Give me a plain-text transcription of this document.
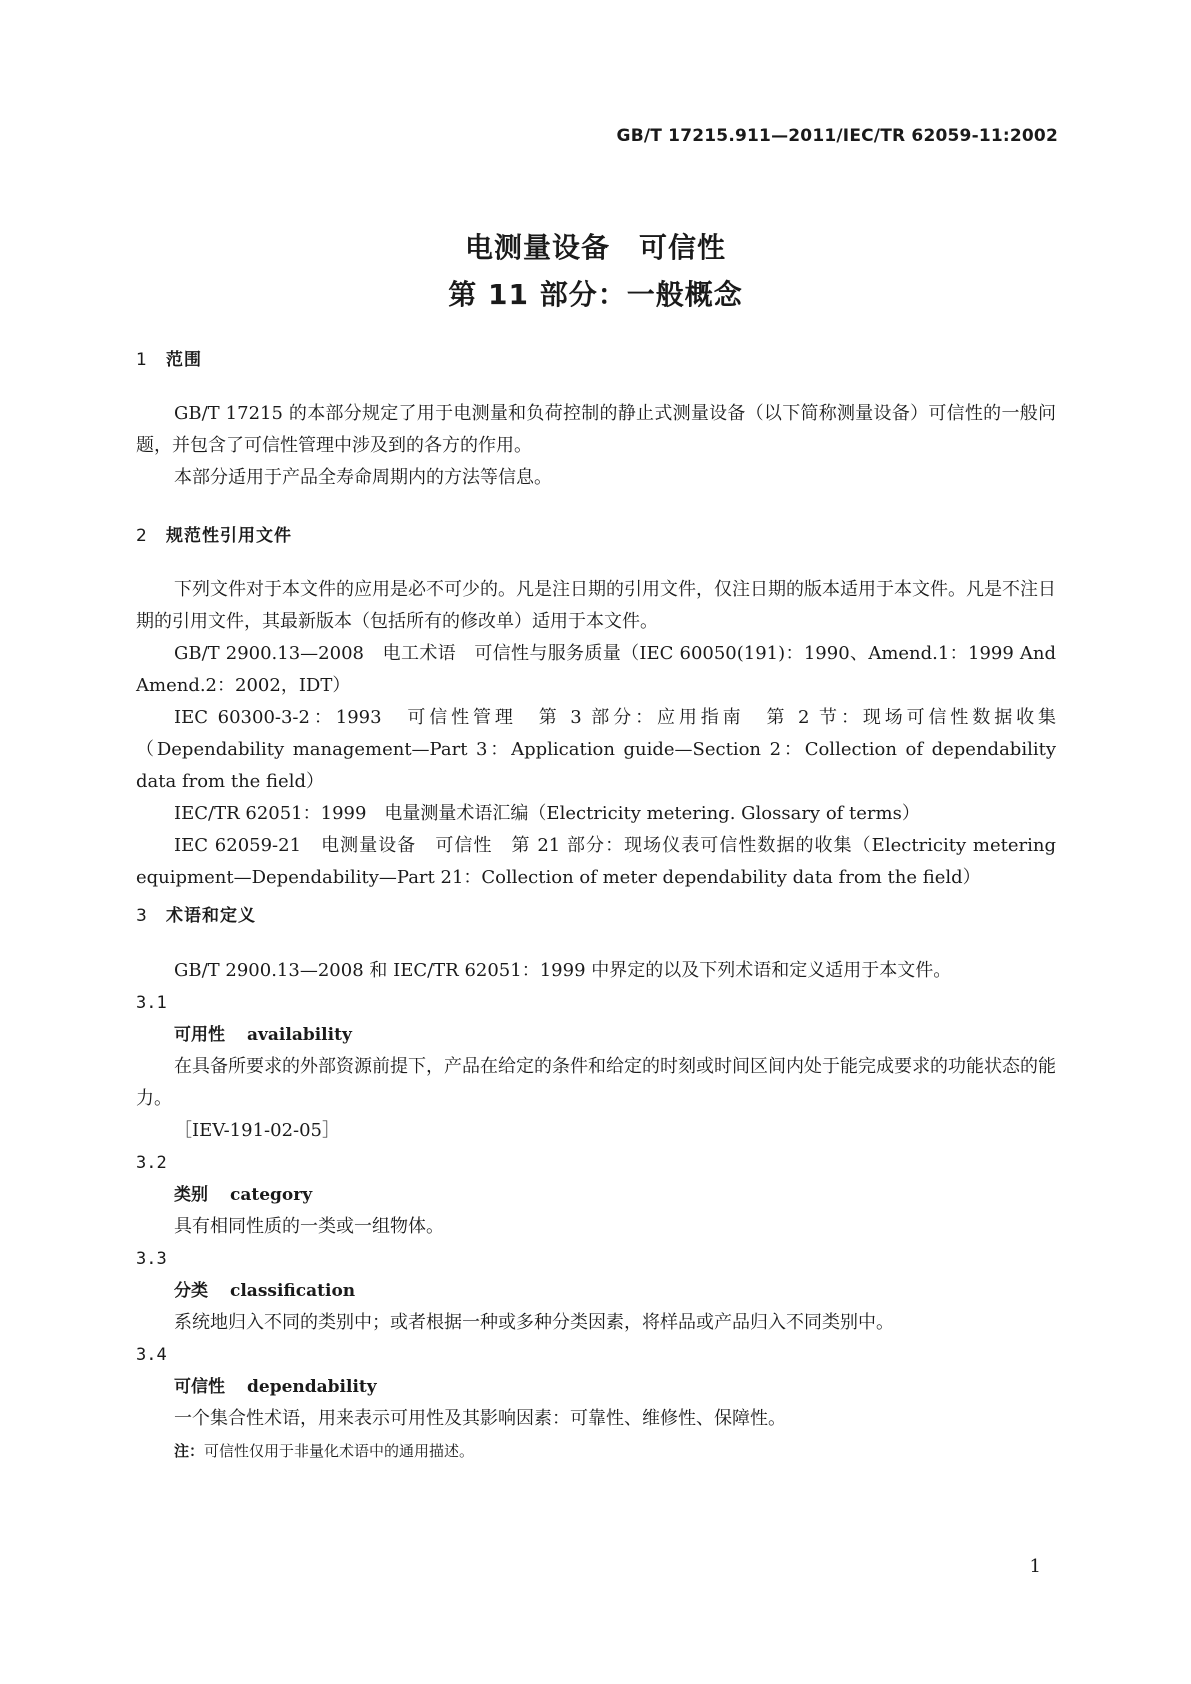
GB/T 17215.911—2011/IEC/TR 62059-11:2002
电测量设备　可信性
第 11 部分：一般概念
1 范围

GB/T 17215 的本部分规定了用于电测量和负荷控制的静止式测量设备（以下简称测量设备）可信性的一般问题，并包含了可信性管理中涉及到的各方的作用。

本部分适用于产品全寿命周期内的方法等信息。

2 规范性引用文件

下列文件对于本文件的应用是必不可少的。凡是注日期的引用文件，仅注日期的版本适用于本文件。凡是不注日期的引用文件，其最新版本（包括所有的修改单）适用于本文件。

GB/T 2900.13—2008　电工术语　可信性与服务质量（IEC 60050(191)：1990、Amend.1：1999 And Amend.2：2002，IDT）

IEC 60300-3-2：1993　可信性管理　第 3 部分：应用指南　第 2 节：现场可信性数据收集（Dependability management—Part 3：Application guide—Section 2：Collection of dependability data from the field）

IEC/TR 62051：1999　电量测量术语汇编（Electricity metering. Glossary of terms）

IEC 62059-21　电测量设备　可信性　第 21 部分：现场仪表可信性数据的收集（Electricity metering equipment—Dependability—Part 21：Collection of meter dependability data from the field）

3 术语和定义

GB/T 2900.13—2008 和 IEC/TR 62051：1999 中界定的以及下列术语和定义适用于本文件。

3.1
可用性 availability

在具备所要求的外部资源前提下，产品在给定的条件和给定的时刻或时间区间内处于能完成要求的功能状态的能力。

［IEV-191-02-05］
3.2
类别 category

具有相同性质的一类或一组物体。

3.3
分类 classification

系统地归入不同的类别中；或者根据一种或多种分类因素，将样品或产品归入不同类别中。

3.4
可信性 dependability

一个集合性术语，用来表示可用性及其影响因素：可靠性、维修性、保障性。

注：可信性仅用于非量化术语中的通用描述。
1
